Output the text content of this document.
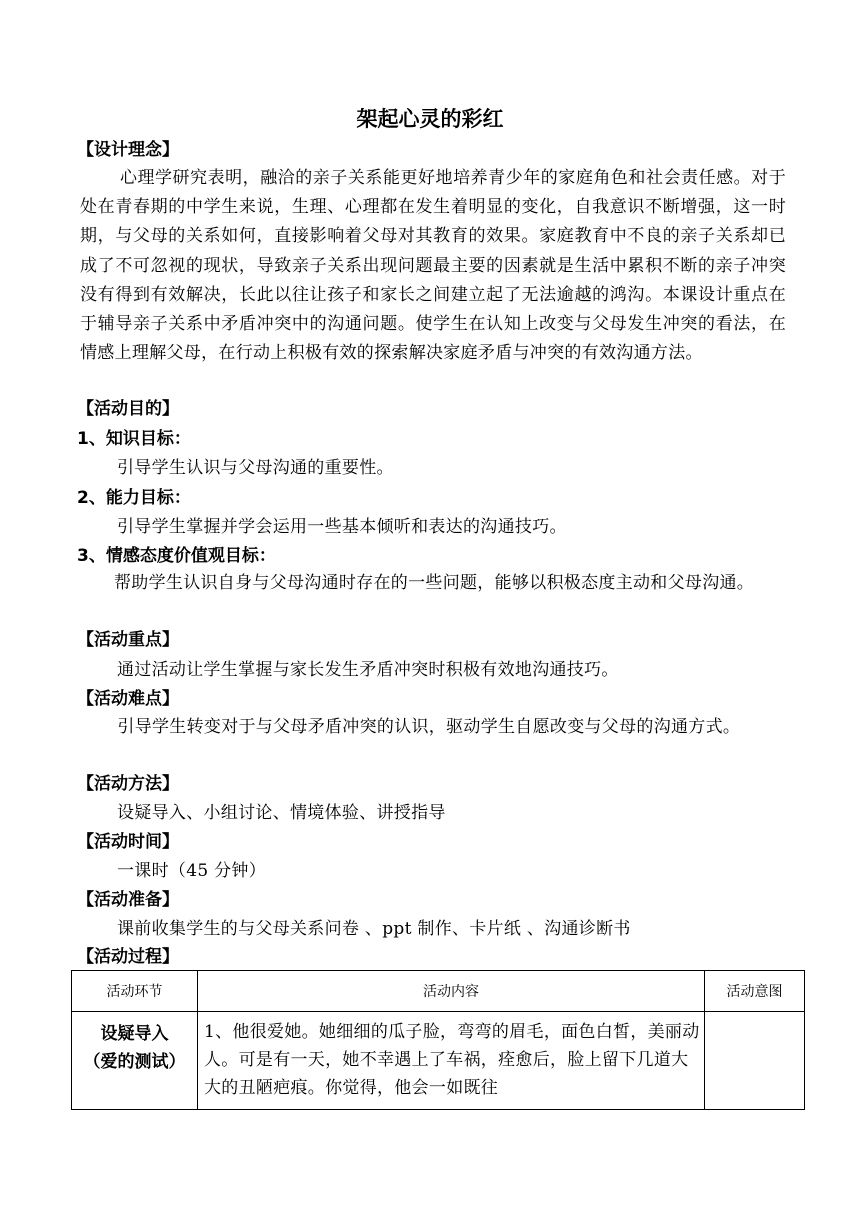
架起心灵的彩红
【设计理念】
心理学研究表明，融洽的亲子关系能更好地培养青少年的家庭角色和社会责任感。对于处在青春期的中学生来说，生理、心理都在发生着明显的变化，自我意识不断增强，这一时期，与父母的关系如何，直接影响着父母对其教育的效果。家庭教育中不良的亲子关系却已成了不可忽视的现状，导致亲子关系出现问题最主要的因素就是生活中累积不断的亲子冲突没有得到有效解决，长此以往让孩子和家长之间建立起了无法逾越的鸿沟。本课设计重点在于辅导亲子关系中矛盾冲突中的沟通问题。使学生在认知上改变与父母发生冲突的看法，在情感上理解父母，在行动上积极有效的探索解决家庭矛盾与冲突的有效沟通方法。
【活动目的】
1、知识目标：
引导学生认识与父母沟通的重要性。
2、能力目标：
引导学生掌握并学会运用一些基本倾听和表达的沟通技巧。
3、情感态度价值观目标：
帮助学生认识自身与父母沟通时存在的一些问题，能够以积极态度主动和父母沟通。
【活动重点】
通过活动让学生掌握与家长发生矛盾冲突时积极有效地沟通技巧。
【活动难点】
引导学生转变对于与父母矛盾冲突的认识，驱动学生自愿改变与父母的沟通方式。
【活动方法】
设疑导入、小组讨论、情境体验、讲授指导
【活动时间】
一课时（45 分钟）
【活动准备】
课前收集学生的与父母关系问卷 、ppt 制作、卡片纸 、沟通诊断书
【活动过程】
活动环节	活动内容	活动意图

设疑导入
（爱的测试）	1、他很爱她。她细细的瓜子脸，弯弯的眉毛，面色白皙，美丽动人。可是有一天，她不幸遇上了车祸，痊愈后，脸上留下几道大大的丑陋疤痕。你觉得，他会一如既往	
